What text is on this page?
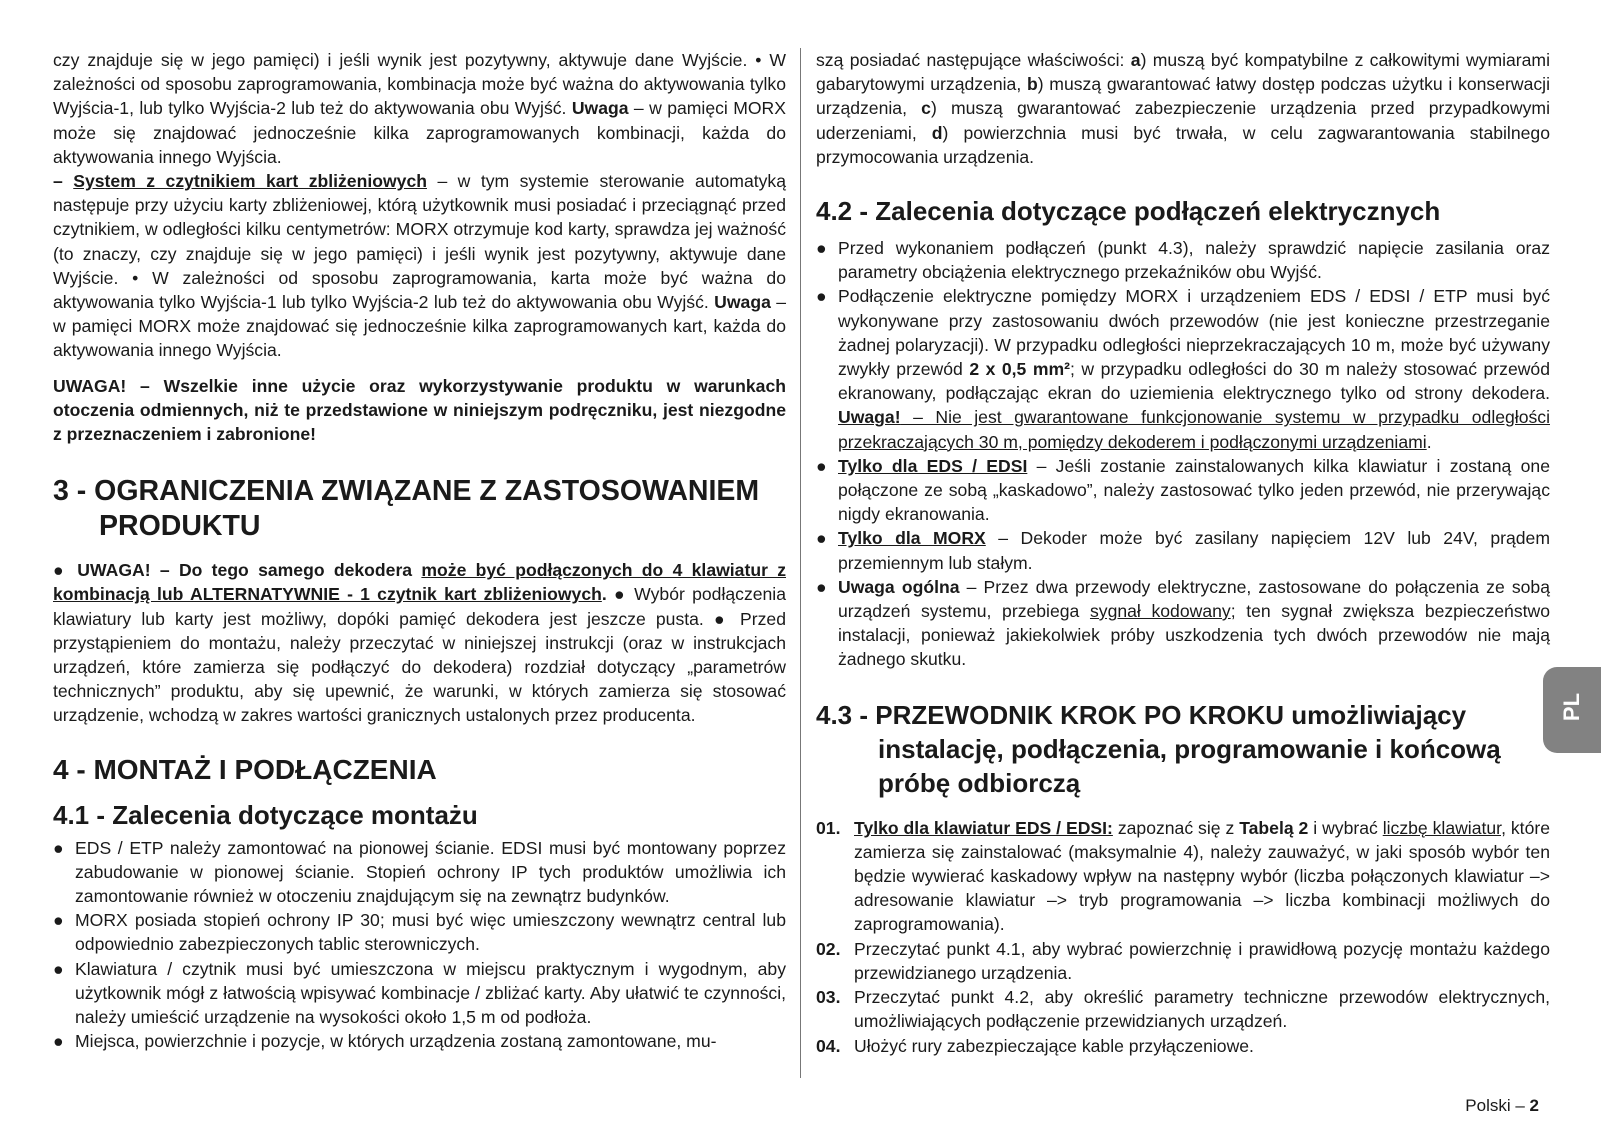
czy znajduje się w jego pamięci) i jeśli wynik jest pozytywny, aktywuje dane Wyjście. • W zależności od sposobu zaprogramowania, kombinacja może być ważna do aktywowania tylko Wyjścia-1, lub tylko Wyjścia-2 lub też do aktywowania obu Wyjść. Uwaga – w pamięci MORX może się znajdować jednocześnie kilka zaprogramowanych kombinacji, każda do aktywowania innego Wyjścia.

– System z czytnikiem kart zbliżeniowych – w tym systemie sterowanie automatyką następuje przy użyciu karty zbliżeniowej, którą użytkownik musi posiadać i przeciągnąć przed czytnikiem, w odległości kilku centymetrów: MORX otrzymuje kod karty, sprawdza jej ważność (to znaczy, czy znajduje się w jego pamięci) i jeśli wynik jest pozytywny, aktywuje dane Wyjście. • W zależności od sposobu zaprogramowania, karta może być ważna do aktywowania tylko Wyjścia-1 lub tylko Wyjścia-2 lub też do aktywowania obu Wyjść. Uwaga – w pamięci MORX może znajdować się jednocześnie kilka zaprogramowanych kart, każda do aktywowania innego Wyjścia.

UWAGA! – Wszelkie inne użycie oraz wykorzystywanie produktu w warunkach otoczenia odmiennych, niż te przedstawione w niniejszym podręczniku, jest niezgodne z przeznaczeniem i zabronione!

3 - OGRANICZENIA ZWIĄZANE Z ZASTOSOWANIEM PRODUKTU

● UWAGA! – Do tego samego dekodera może być podłączonych do 4 klawiatur z kombinacją lub ALTERNATYWNIE - 1 czytnik kart zbliżeniowych. ● Wybór podłączenia klawiatury lub karty jest możliwy, dopóki pamięć dekodera jest jeszcze pusta. ● Przed przystąpieniem do montażu, należy przeczytać w niniejszej instrukcji (oraz w instrukcjach urządzeń, które zamierza się podłączyć do dekodera) rozdział dotyczący „parametrów technicznych” produktu, aby się upewnić, że warunki, w których zamierza się stosować urządzenie, wchodzą w zakres wartości granicznych ustalonych przez producenta.

4 - MONTAŻ I PODŁĄCZENIA
4.1 - Zalecenia dotyczące montażu
● EDS / ETP należy zamontować na pionowej ścianie. EDSI musi być montowany poprzez zabudowanie w pionowej ścianie. Stopień ochrony IP tych produktów umożliwia ich zamontowanie również w otoczeniu znajdującym się na zewnątrz budynków.
● MORX posiada stopień ochrony IP 30; musi być więc umieszczony wewnątrz central lub odpowiednio zabezpieczonych tablic sterowniczych.
● Klawiatura / czytnik musi być umieszczona w miejscu praktycznym i wygodnym, aby użytkownik mógł z łatwością wpisywać kombinacje / zbliżać karty. Aby ułatwić te czynności, należy umieścić urządzenie na wysokości około 1,5 m od podłoża.
● Miejsca, powierzchnie i pozycje, w których urządzenia zostaną zamontowane, mu-

szą posiadać następujące właściwości: a) muszą być kompatybilne z całkowitymi wymiarami gabarytowymi urządzenia, b) muszą gwarantować łatwy dostęp podczas użytku i konserwacji urządzenia, c) muszą gwarantować zabezpieczenie urządzenia przed przypadkowymi uderzeniami, d) powierzchnia musi być trwała, w celu zagwarantowania stabilnego przymocowania urządzenia.

4.2 - Zalecenia dotyczące podłączeń elektrycznych
● Przed wykonaniem podłączeń (punkt 4.3), należy sprawdzić napięcie zasilania oraz parametry obciążenia elektrycznego przekaźników obu Wyjść.
● Podłączenie elektryczne pomiędzy MORX i urządzeniem EDS / EDSI / ETP musi być wykonywane przy zastosowaniu dwóch przewodów (nie jest konieczne przestrzeganie żadnej polaryzacji). W przypadku odległości nieprzekraczających 10 m, może być używany zwykły przewód 2 x 0,5 mm²; w przypadku odległości do 30 m należy stosować przewód ekranowany, podłączając ekran do uziemienia elektrycznego tylko od strony dekodera. Uwaga! – Nie jest gwarantowane funkcjonowanie systemu w przypadku odległości przekraczających 30 m, pomiędzy dekoderem i podłączonymi urządzeniami.
● Tylko dla EDS / EDSI – Jeśli zostanie zainstalowanych kilka klawiatur i zostaną one połączone ze sobą „kaskadowo”, należy zastosować tylko jeden przewód, nie przerywając nigdy ekranowania.
● Tylko dla MORX – Dekoder może być zasilany napięciem 12V lub 24V, prądem przemiennym lub stałym.
● Uwaga ogólna – Przez dwa przewody elektryczne, zastosowane do połączenia ze sobą urządzeń systemu, przebiega sygnał kodowany; ten sygnał zwiększa bezpieczeństwo instalacji, ponieważ jakiekolwiek próby uszkodzenia tych dwóch przewodów nie mają żadnego skutku.
4.3 - PRZEWODNIK KROK PO KROKU umożliwiający instalację, podłączenia, programowanie i końcową próbę odbiorczą
01. Tylko dla klawiatur EDS / EDSI: zapoznać się z Tabelą 2 i wybrać liczbę klawiatur, które zamierza się zainstalować (maksymalnie 4), należy zauważyć, w jaki sposób wybór ten będzie wywierać kaskadowy wpływ na następny wybór (liczba połączonych klawiatur –> adresowanie klawiatur –> tryb programowania –> liczba kombinacji możliwych do zaprogramowania).
02. Przeczytać punkt 4.1, aby wybrać powierzchnię i prawidłową pozycję montażu każdego przewidzianego urządzenia.
03. Przeczytać punkt 4.2, aby określić parametry techniczne przewodów elektrycznych, umożliwiających podłączenie przewidzianych urządzeń.
04. Ułożyć rury zabezpieczające kable przyłączeniowe.
PL
Polski – 2
